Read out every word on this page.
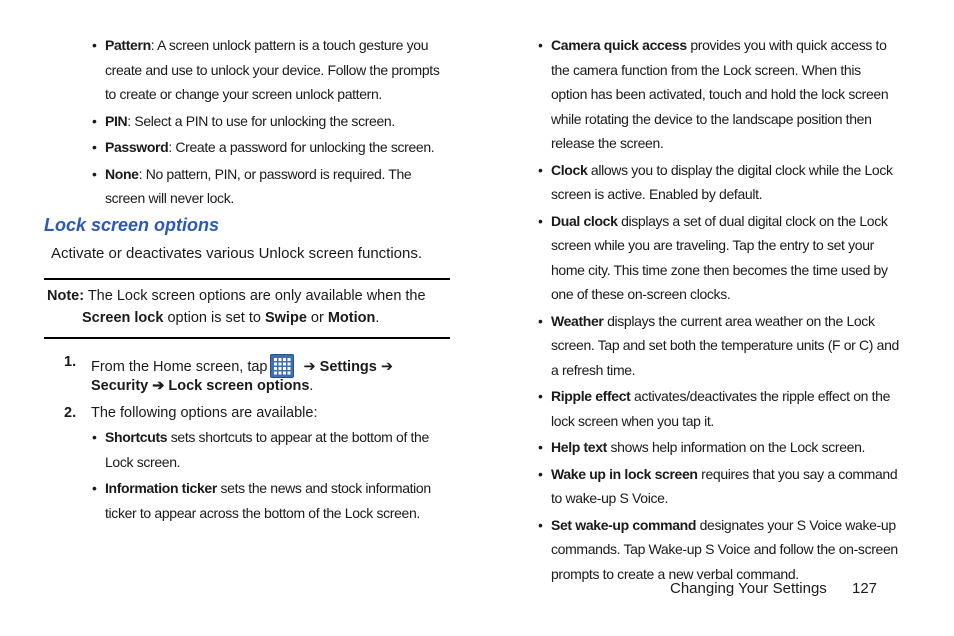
• Pattern: A screen unlock pattern is a touch gesture you create and use to unlock your device. Follow the prompts to create or change your screen unlock pattern.
• PIN: Select a PIN to use for unlocking the screen.
• Password: Create a password for unlocking the screen.
• None: No pattern, PIN, or password is required. The screen will never lock.
Lock screen options

Activate or deactivates various Unlock screen functions.

Note: The Lock screen options are only available when the
Screen lock option is set to Swipe or Motion.
1. From the Home screen, tap ➔ Settings ➔
Security ➔ Lock screen options.
2. The following options are available:
• Shortcuts sets shortcuts to appear at the bottom of the Lock screen.
• Information ticker sets the news and stock information ticker to appear across the bottom of the Lock screen.
• Camera quick access provides you with quick access to the camera function from the Lock screen. When this option has been activated, touch and hold the lock screen while rotating the device to the landscape position then release the screen.
• Clock allows you to display the digital clock while the Lock screen is active. Enabled by default.
• Dual clock displays a set of dual digital clock on the Lock screen while you are traveling. Tap the entry to set your home city. This time zone then becomes the time used by one of these on-screen clocks.
• Weather displays the current area weather on the Lock screen. Tap and set both the temperature units (F or C) and a refresh time.
• Ripple effect activates/deactivates the ripple effect on the lock screen when you tap it.
• Help text shows help information on the Lock screen.
• Wake up in lock screen requires that you say a command to wake-up S Voice.
• Set wake-up command designates your S Voice wake-up commands. Tap Wake-up S Voice and follow the on-screen prompts to create a new verbal command.
Changing Your Settings 127
